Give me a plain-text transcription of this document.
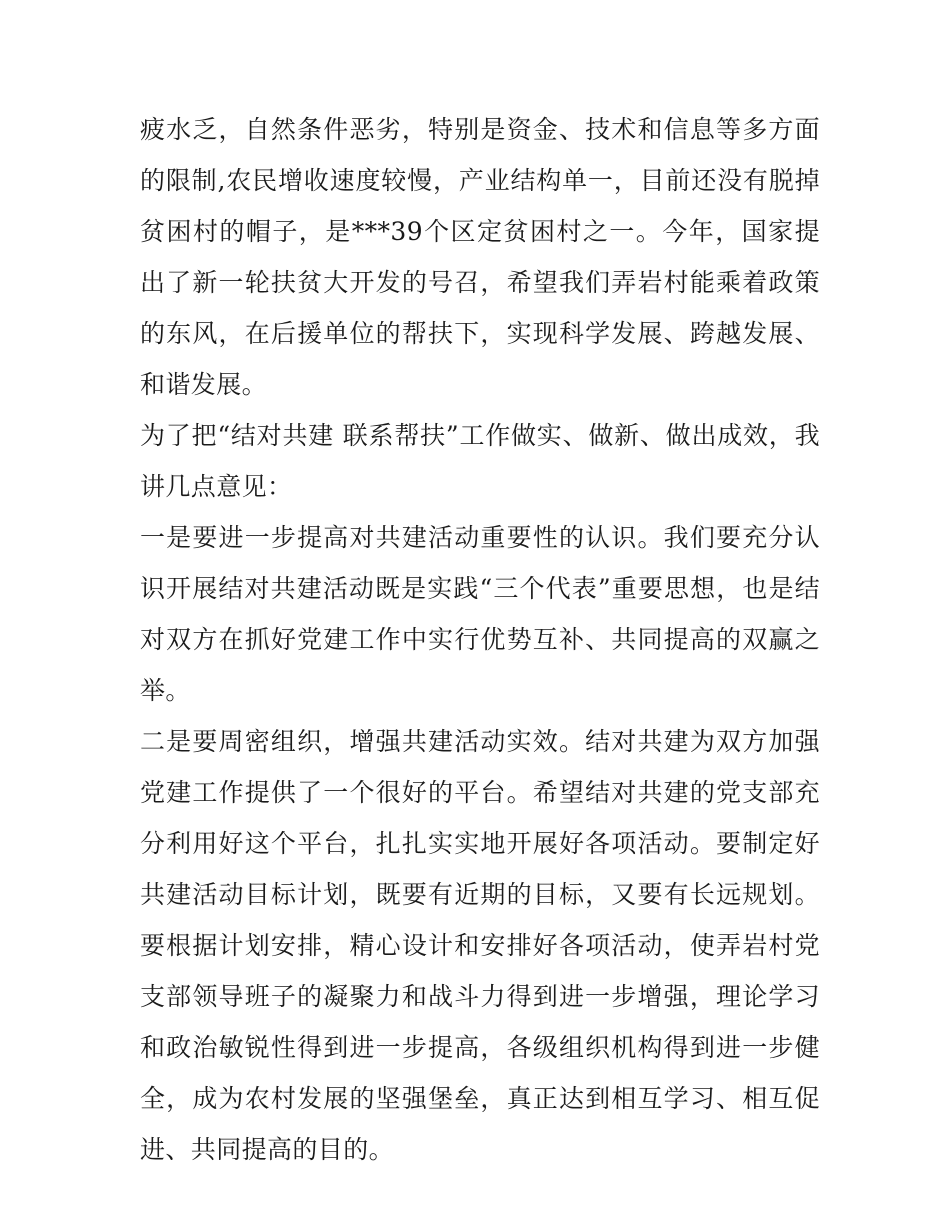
疲水乏，自然条件恶劣，特别是资金、技术和信息等多方面的限制,农民增收速度较慢，产业结构单一，目前还没有脱掉贫困村的帽子，是***39个区定贫困村之一。今年，国家提出了新一轮扶贫大开发的号召，希望我们弄岩村能乘着政策的东风，在后援单位的帮扶下，实现科学发展、跨越发展、和谐发展。

为了把“结对共建 联系帮扶”工作做实、做新、做出成效，我讲几点意见：

一是要进一步提高对共建活动重要性的认识。我们要充分认识开展结对共建活动既是实践“三个代表”重要思想，也是结对双方在抓好党建工作中实行优势互补、共同提高的双赢之举。

二是要周密组织，增强共建活动实效。结对共建为双方加强党建工作提供了一个很好的平台。希望结对共建的党支部充分利用好这个平台，扎扎实实地开展好各项活动。要制定好共建活动目标计划，既要有近期的目标，又要有长远规划。要根据计划安排，精心设计和安排好各项活动，使弄岩村党支部领导班子的凝聚力和战斗力得到进一步增强，理论学习和政治敏锐性得到进一步提高，各级组织机构得到进一步健全，成为农村发展的坚强堡垒，真正达到相互学习、相互促进、共同提高的目的。
